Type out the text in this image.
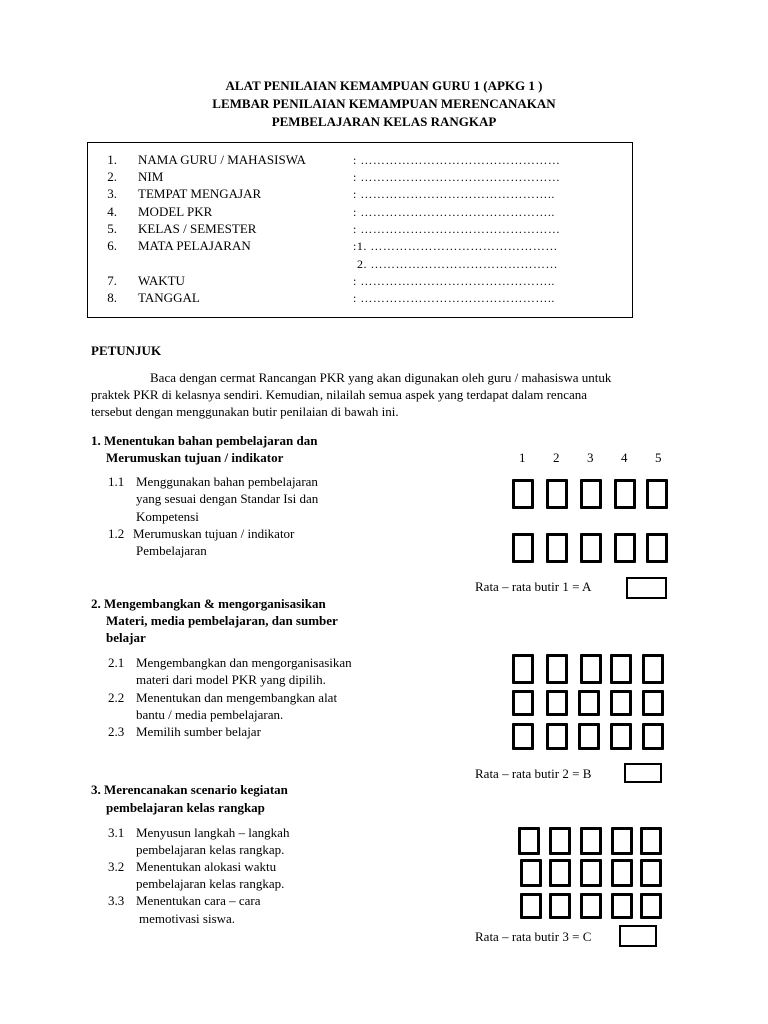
ALAT PENILAIAN KEMAMPUAN GURU 1 (APKG 1 )
LEMBAR PENILAIAN KEMAMPUAN MERENCANAKAN
PEMBELAJARAN KELAS RANGKAP
1. NAMA GURU / MAHASISWA	: …………………………………………
2. NIM	: …………………………………………
3. TEMPAT MENGAJAR	: ………………………………………..
4. MODEL PKR	: ………………………………………..
5. KELAS / SEMESTER	: …………………………………………
6. MATA PELAJARAN	:1. ………………………………………
2. ………………………………………
7. WAKTU	: ………………………………………..
8. TANGGAL	: ………………………………………..
PETUNJUK
Baca dengan cermat Rancangan PKR yang akan digunakan oleh guru / mahasiswa untuk
praktek PKR di kelasnya sendiri. Kemudian, nilailah semua aspek yang terdapat dalam rencana
tersebut dengan menggunakan butir penilaian di bawah ini.
1. Menentukan bahan pembelajaran dan
Merumuskan tujuan / indikator	1 2 3 4 5
1.1 Menggunakan bahan pembelajaran
yang sesuai dengan Standar Isi dan
Kompetensi
1.2 Merumuskan tujuan / indikator
Pembelajaran
Rata – rata butir 1 = A
2. Mengembangkan & mengorganisasikan
Materi, media pembelajaran, dan sumber
belajar
2.1 Mengembangkan dan mengorganisasikan
materi dari model PKR yang dipilih.
2.2 Menentukan dan mengembangkan alat
bantu / media pembelajaran.
2.3 Memilih sumber belajar
Rata – rata butir 2 = B
3. Merencanakan scenario kegiatan
pembelajaran kelas rangkap
3.1 Menyusun langkah – langkah
pembelajaran kelas rangkap.
3.2 Menentukan alokasi waktu
pembelajaran kelas rangkap.
3.3 Menentukan cara – cara
memotivasi siswa.
Rata – rata butir 3 = C
